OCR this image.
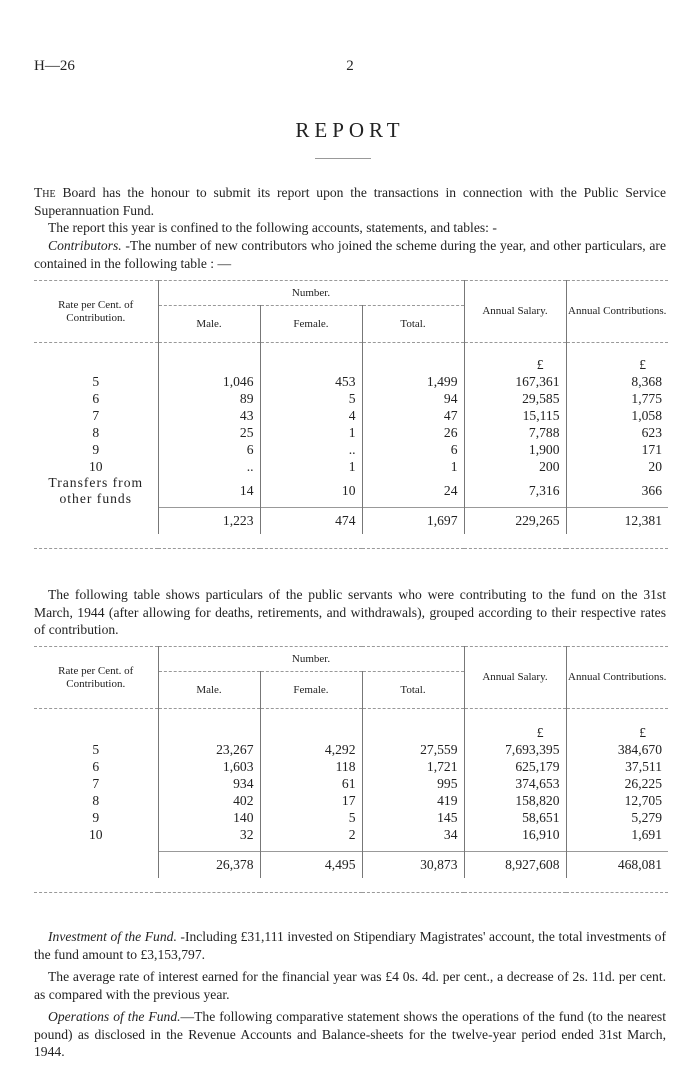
H—26	2
REPORT
The Board has the honour to submit its report upon the transactions in connection with the Public Service Superannuation Fund.
The report this year is confined to the following accounts, statements, and tables: -
Contributors. -The number of new contributors who joined the scheme during the year, and other particulars, are contained in the following table : —
Rate per Cent. of Contribution.	Number.			Annual Salary.	Annual Contributions.
	Male.	Female.	Total.		
				£	£
5	1,046	453	1,499	167,361	8,368
6	89	5	94	29,585	1,775
7	43	4	47	15,115	1,058
8	25	1	26	7,788	623
9	6	..	6	1,900	171
10	..	1	1	200	20
Transfers from other funds	14	10	24	7,316	366
	1,223	474	1,697	229,265	12,381

The following table shows particulars of the public servants who were contributing to the fund on the 31st March, 1944 (after allowing for deaths, retirements, and withdrawals), grouped according to their respective rates of contribution.
Rate per Cent. of Contribution.	Number.			Annual Salary.	Annual Contributions.
	Male.	Female.	Total.		
				£	£
5	23,267	4,292	27,559	7,693,395	384,670
6	1,603	118	1,721	625,179	37,511
7	934	61	995	374,653	26,225
8	402	17	419	158,820	12,705
9	140	5	145	58,651	5,279
10	32	2	34	16,910	1,691

	26,378	4,495	30,873	8,927,608	468,081

Investment of the Fund. -Including £31,111 invested on Stipendiary Magistrates' account, the total investments of the fund amount to £3,153,797.
The average rate of interest earned for the financial year was £4 0s. 4d. per cent., a decrease of 2s. 11d. per cent. as compared with the previous year.
Operations of the Fund.—The following comparative statement shows the operations of the fund (to the nearest pound) as disclosed in the Revenue Accounts and Balance-sheets for the twelve-year period ended 31st March, 1944.
